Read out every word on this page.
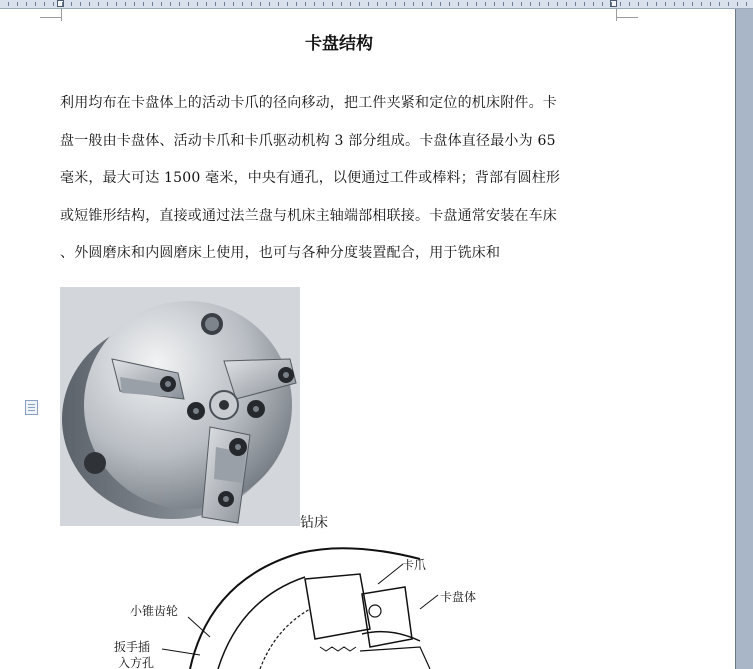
卡盘结构
利用均布在卡盘体上的活动卡爪的径向移动，把工件夹紧和定位的机床附件。卡
盘一般由卡盘体、活动卡爪和卡爪驱动机构 3 部分组成。卡盘体直径最小为 65
毫米，最大可达 1500 毫米，中央有通孔，以便通过工件或棒料；背部有圆柱形
或短锥形结构，直接或通过法兰盘与机床主轴端部相联接。卡盘通常安装在车床
、外圆磨床和内圆磨床上使用，也可与各种分度装置配合，用于铣床和
钻床
卡爪
卡盘体
小锥齿轮
扳手插
入方孔
